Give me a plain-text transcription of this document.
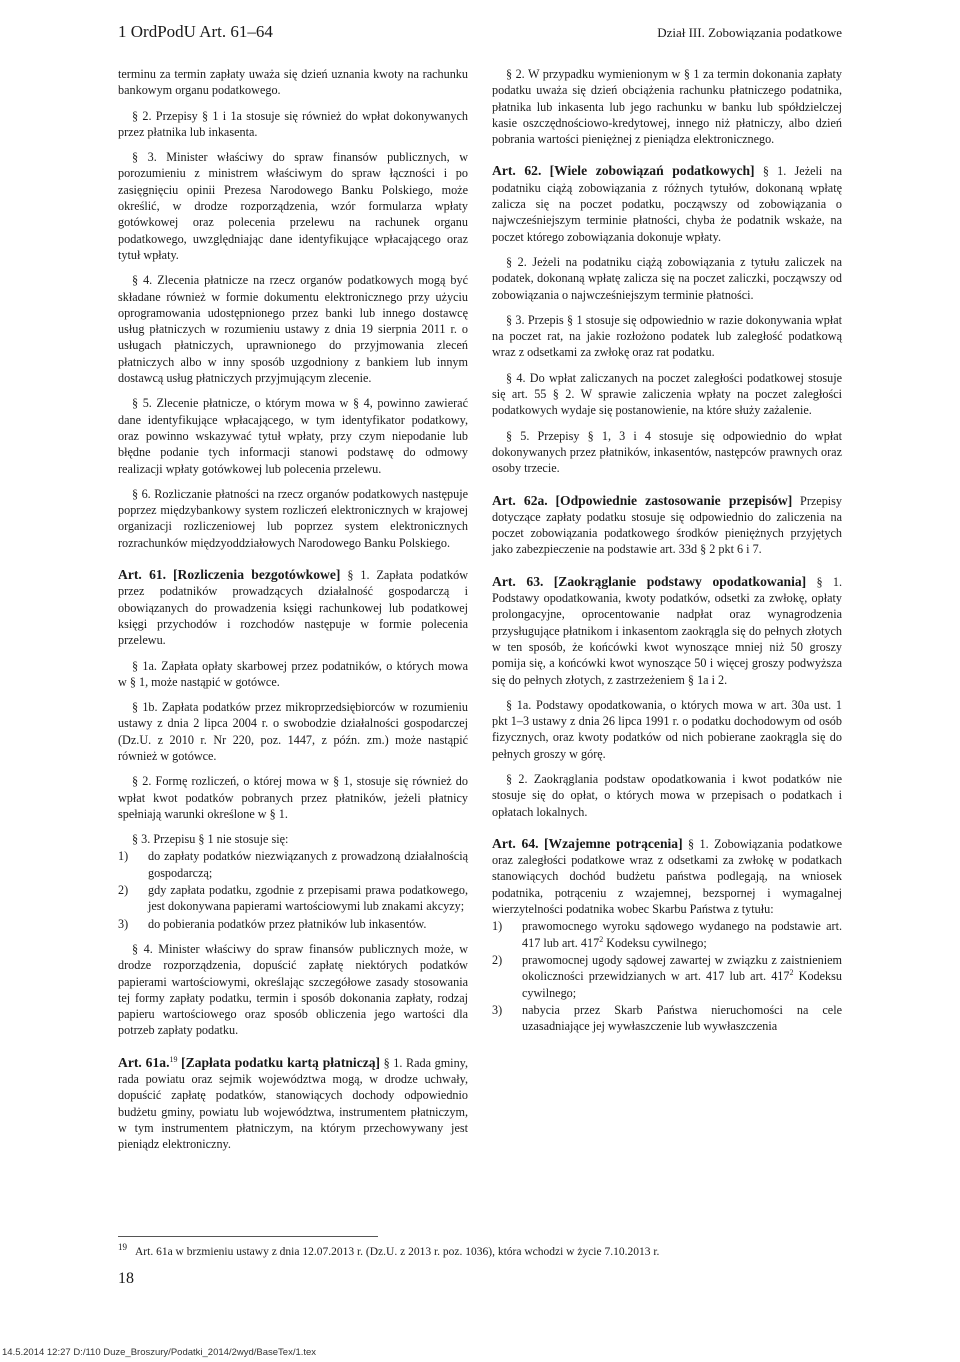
1 OrdPodU Art. 61–64	Dział III. Zobowiązania podatkowe

terminu za termin zapłaty uważa się dzień uznania kwoty na rachunku bankowym organu podatkowego.

§ 2. Przepisy § 1 i 1a stosuje się również do wpłat dokonywanych przez płatnika lub inkasenta.

§ 3. Minister właściwy do spraw finansów publicznych, w porozumieniu z ministrem właściwym do spraw łączności i po zasięgnięciu opinii Prezesa Narodowego Banku Polskiego, może określić, w drodze rozporządzenia, wzór formularza wpłaty gotówkowej oraz polecenia przelewu na rachunek organu podatkowego, uwzględniając dane identyfikujące wpłacającego oraz tytuł wpłaty.

§ 4. Zlecenia płatnicze na rzecz organów podatkowych mogą być składane również w formie dokumentu elektronicznego przy użyciu oprogramowania udostępnionego przez banki lub innego dostawcę usług płatniczych w rozumieniu ustawy z dnia 19 sierpnia 2011 r. o usługach płatniczych, uprawnionego do przyjmowania zleceń płatniczych albo w inny sposób uzgodniony z bankiem lub innym dostawcą usług płatniczych przyjmującym zlecenie.

§ 5. Zlecenie płatnicze, o którym mowa w § 4, powinno zawierać dane identyfikujące wpłacającego, w tym identyfikator podatkowy, oraz powinno wskazywać tytuł wpłaty, przy czym niepodanie lub błędne podanie tych informacji stanowi podstawę do odmowy realizacji wpłaty gotówkowej lub polecenia przelewu.

§ 6. Rozliczanie płatności na rzecz organów podatkowych następuje poprzez międzybankowy system rozliczeń elektronicznych w krajowej organizacji rozliczeniowej lub poprzez system elektronicznych rozrachunków międzyoddziałowych Narodowego Banku Polskiego.

Art. 61. [Rozliczenia bezgotówkowe] § 1. Zapłata podatków przez podatników prowadzących działalność gospodarczą i obowiązanych do prowadzenia księgi rachunkowej lub podatkowej księgi przychodów i rozchodów następuje w formie polecenia przelewu.

§ 1a. Zapłata opłaty skarbowej przez podatników, o których mowa w § 1, może nastąpić w gotówce.

§ 1b. Zapłata podatków przez mikroprzedsiębiorców w rozumieniu ustawy z dnia 2 lipca 2004 r. o swobodzie działalności gospodarczej (Dz.U. z 2010 r. Nr 220, poz. 1447, z późn. zm.) może nastąpić również w gotówce.

§ 2. Formę rozliczeń, o której mowa w § 1, stosuje się również do wpłat kwot podatków pobranych przez płatników, jeżeli płatnicy spełniają warunki określone w § 1.

§ 3. Przepisu § 1 nie stosuje się:

1) do zapłaty podatków niezwiązanych z prowadzoną działalnością gospodarczą;
2) gdy zapłata podatku, zgodnie z przepisami prawa podatkowego, jest dokonywana papierami wartościowymi lub znakami akcyzy;
3) do pobierania podatków przez płatników lub inkasentów.

§ 4. Minister właściwy do spraw finansów publicznych może, w drodze rozporządzenia, dopuścić zapłatę niektórych podatków papierami wartościowymi, określając szczegółowe zasady stosowania tej formy zapłaty podatku, termin i sposób dokonania zapłaty, rodzaj papieru wartościowego oraz sposób obliczenia jego wartości dla potrzeb zapłaty podatku.

Art. 61a.$^{19}$ [Zapłata podatku kartą płatniczą] § 1. Rada gminy, rada powiatu oraz sejmik województwa mogą, w drodze uchwały, dopuścić zapłatę podatków, stanowiących dochody odpowiednio budżetu gminy, powiatu lub województwa, instrumentem płatniczym, w tym instrumentem płatniczym, na którym przechowywany jest pieniądz elektroniczny.

§ 2. W przypadku wymienionym w § 1 za termin dokonania zapłaty podatku uważa się dzień obciążenia rachunku płatniczego podatnika, płatnika lub inkasenta lub jego rachunku w banku lub spółdzielczej kasie oszczędnościowo-kredytowej, innego niż płatniczy, albo dzień pobrania wartości pieniężnej z pieniądza elektronicznego.

Art. 62. [Wiele zobowiązań podatkowych] § 1. Jeżeli na podatniku ciążą zobowiązania z różnych tytułów, dokonaną wpłatę zalicza się na poczet podatku, począwszy od zobowiązania o najwcześniejszym terminie płatności, chyba że podatnik wskaże, na poczet którego zobowiązania dokonuje wpłaty.

§ 2. Jeżeli na podatniku ciążą zobowiązania z tytułu zaliczek na podatek, dokonaną wpłatę zalicza się na poczet zaliczki, począwszy od zobowiązania o najwcześniejszym terminie płatności.

§ 3. Przepis § 1 stosuje się odpowiednio w razie dokonywania wpłat na poczet rat, na jakie rozłożono podatek lub zaległość podatkową wraz z odsetkami za zwłokę oraz rat podatku.

§ 4. Do wpłat zaliczanych na poczet zaległości podatkowej stosuje się art. 55 § 2. W sprawie zaliczenia wpłaty na poczet zaległości podatkowych wydaje się postanowienie, na które służy zażalenie.

§ 5. Przepisy § 1, 3 i 4 stosuje się odpowiednio do wpłat dokonywanych przez płatników, inkasentów, następców prawnych oraz osoby trzecie.

Art. 62a. [Odpowiednie zastosowanie przepisów] Przepisy dotyczące zapłaty podatku stosuje się odpowiednio do zaliczenia na poczet zobowiązania podatkowego środków pieniężnych przyjętych jako zabezpieczenie na podstawie art. 33d § 2 pkt 6 i 7.

Art. 63. [Zaokrąglanie podstawy opodatkowania] § 1. Podstawy opodatkowania, kwoty podatków, odsetki za zwłokę, opłaty prolongacyjne, oprocentowanie nadpłat oraz wynagrodzenia przysługujące płatnikom i inkasentom zaokrągla się do pełnych złotych w ten sposób, że końcówki kwot wynoszące mniej niż 50 groszy pomija się, a końcówki kwot wynoszące 50 i więcej groszy podwyższa się do pełnych złotych, z zastrzeżeniem § 1a i 2.

§ 1a. Podstawy opodatkowania, o których mowa w art. 30a ust. 1 pkt 1–3 ustawy z dnia 26 lipca 1991 r. o podatku dochodowym od osób fizycznych, oraz kwoty podatków od nich pobierane zaokrągla się do pełnych groszy w górę.

§ 2. Zaokrąglania podstaw opodatkowania i kwot podatków nie stosuje się do opłat, o których mowa w przepisach o podatkach i opłatach lokalnych.

Art. 64. [Wzajemne potrącenia] § 1. Zobowiązania podatkowe oraz zaległości podatkowe wraz z odsetkami za zwłokę w podatkach stanowiących dochód budżetu państwa podlegają, na wniosek podatnika, potrąceniu z wzajemnej, bezspornej i wymagalnej wierzytelności podatnika wobec Skarbu Państwa z tytułu:

1) prawomocnego wyroku sądowego wydanego na podstawie art. 417 lub art. $417^2$ Kodeksu cywilnego;
2) prawomocnej ugody sądowej zawartej w związku z zaistnieniem okoliczności przewidzianych w art. 417 lub art. $417^2$ Kodeksu cywilnego;
3) nabycia przez Skarb Państwa nieruchomości na cele uzasadniające jej wywłaszczenie lub wywłaszczenia
$^{19}$ Art. 61a w brzmieniu ustawy z dnia 12.07.2013 r. (Dz.U. z 2013 r. poz. 1036), która wchodzi w życie 7.10.2013 r.
18
14.5.2014 12:27 D:/110 Duze_Broszury/Podatki_2014/2wyd/BaseTex/1.tex
